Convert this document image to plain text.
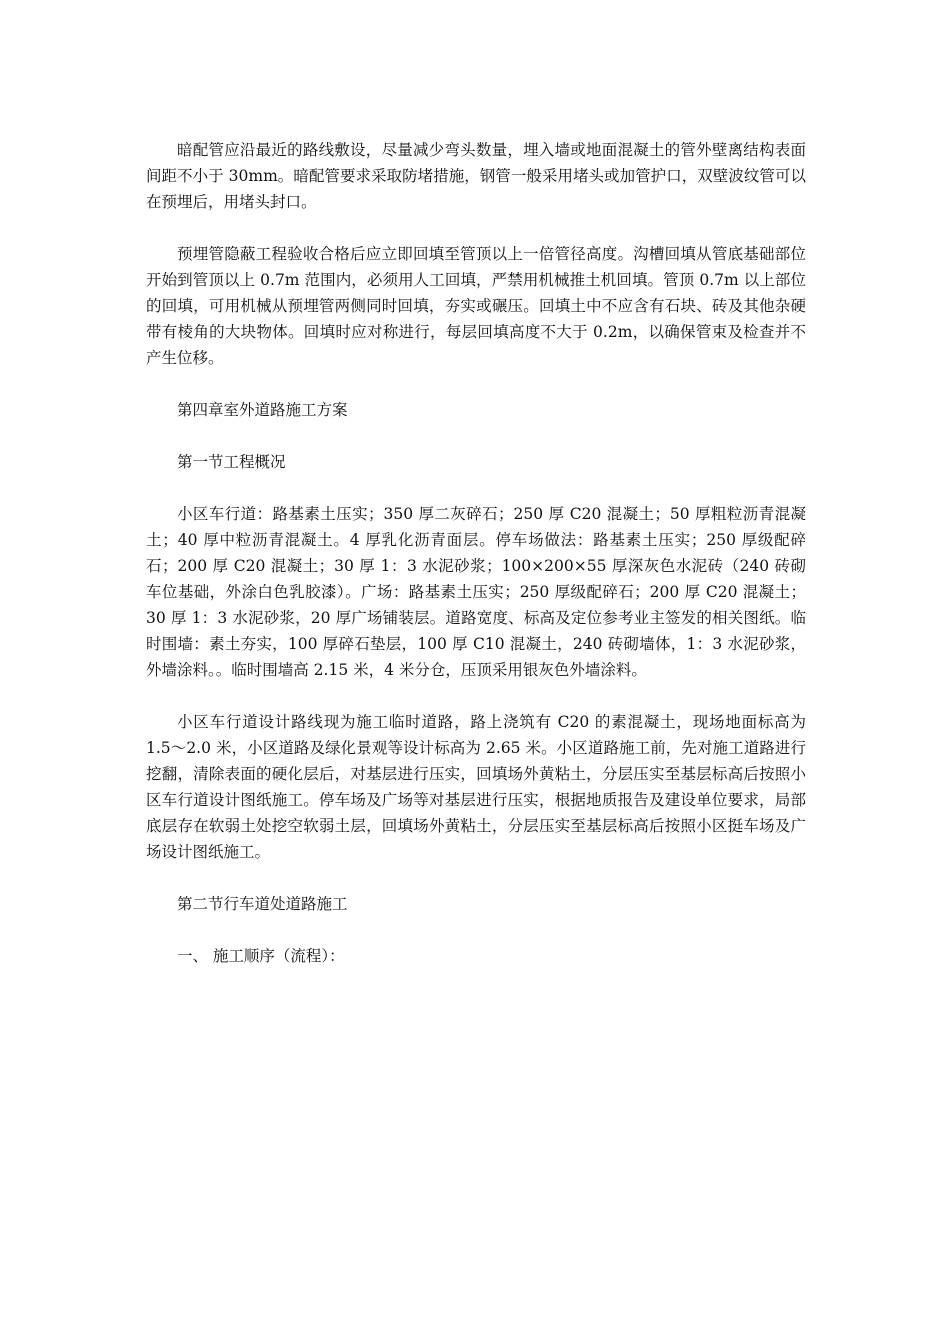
暗配管应沿最近的路线敷设，尽量减少弯头数量，埋入墙或地面混凝土的管外壁离结构表面间距不小于 30mm。暗配管要求采取防堵措施，钢管一般采用堵头或加管护口，双壁波纹管可以在预埋后，用堵头封口。

预埋管隐蔽工程验收合格后应立即回填至管顶以上一倍管径高度。沟槽回填从管底基础部位开始到管顶以上 0.7m 范围内，必须用人工回填，严禁用机械推土机回填。管顶 0.7m 以上部位的回填，可用机械从预埋管两侧同时回填，夯实或碾压。回填土中不应含有石块、砖及其他杂硬带有棱角的大块物体。回填时应对称进行，每层回填高度不大于 0.2m，以确保管束及检查并不产生位移。

第四章室外道路施工方案

第一节工程概况

小区车行道：路基素土压实；350 厚二灰碎石；250 厚 C20 混凝土；50 厚粗粒沥青混凝土；40 厚中粒沥青混凝土。4 厚乳化沥青面层。停车场做法：路基素土压实；250 厚级配碎石；200 厚 C20 混凝土；30 厚 1：3 水泥砂浆；100×200×55 厚深灰色水泥砖（240 砖砌车位基础，外涂白色乳胶漆）。广场：路基素土压实；250 厚级配碎石；200 厚 C20 混凝土；30 厚 1：3 水泥砂浆，20 厚广场铺装层。道路宽度、标高及定位参考业主签发的相关图纸。临时围墙：素土夯实，100 厚碎石垫层，100 厚 C10 混凝土，240 砖砌墙体，1：3 水泥砂浆，外墙涂料。。临时围墙高 2.15 米，4 米分仓，压顶采用银灰色外墙涂料。

小区车行道设计路线现为施工临时道路，路上浇筑有 C20 的素混凝土，现场地面标高为 1.5～2.0 米，小区道路及绿化景观等设计标高为 2.65 米。小区道路施工前，先对施工道路进行挖翻，清除表面的硬化层后，对基层进行压实，回填场外黄粘土，分层压实至基层标高后按照小区车行道设计图纸施工。停车场及广场等对基层进行压实，根据地质报告及建设单位要求，局部底层存在软弱土处挖空软弱土层，回填场外黄粘土，分层压实至基层标高后按照小区挺车场及广场设计图纸施工。

第二节行车道处道路施工

一、 施工顺序（流程）：
